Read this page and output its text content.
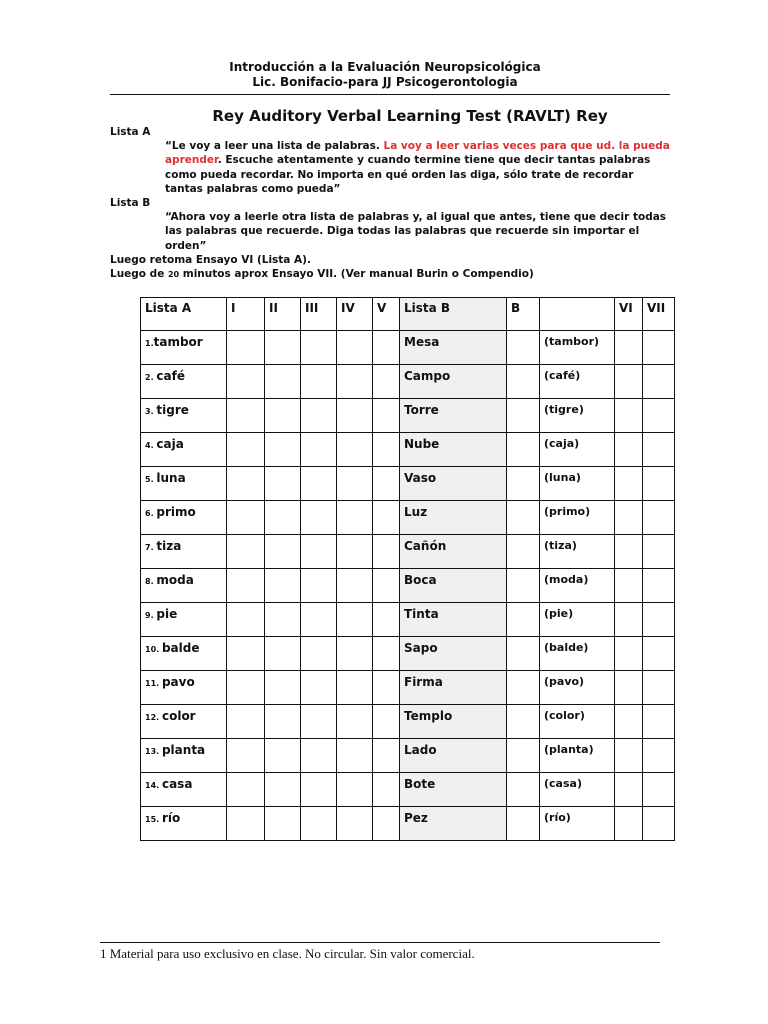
Introducción a la Evaluación Neuropsicológica
Lic. Bonifacio-para JJ Psicogerontologia
Rey Auditory Verbal Learning Test (RAVLT) Rey

Lista A

“Le voy a leer una lista de palabras. La voy a leer varias veces para que ud. la pueda aprender. Escuche atentamente y cuando termine tiene que decir tantas palabras como pueda recordar. No importa en qué orden las diga, sólo trate de recordar tantas palabras como pueda”

Lista B

“Ahora voy a leerle otra lista de palabras y, al igual que antes, tiene que decir todas las palabras que recuerde. Diga todas las palabras que recuerde sin importar el orden”

Luego retoma Ensayo VI (Lista A).

Luego de 20 minutos aprox Ensayo VII. (Ver manual Burin o Compendio)

Lista A	I	II	III	IV	V	Lista B	B		VI	VII
1.tambor						Mesa		(tambor)		
2. café						Campo		(café)		
3. tigre						Torre		(tigre)		
4. caja						Nube		(caja)		
5. luna						Vaso		(luna)		
6. primo						Luz		(primo)		
7. tiza						Cañón		(tiza)		
8. moda						Boca		(moda)		
9. pie						Tinta		(pie)		
10. balde						Sapo		(balde)		
11. pavo						Firma		(pavo)		
12. color						Templo		(color)		
13. planta						Lado		(planta)		
14. casa						Bote		(casa)		
15. río						Pez		(río)		
1 Material para uso exclusivo en clase. No circular. Sin valor comercial.
